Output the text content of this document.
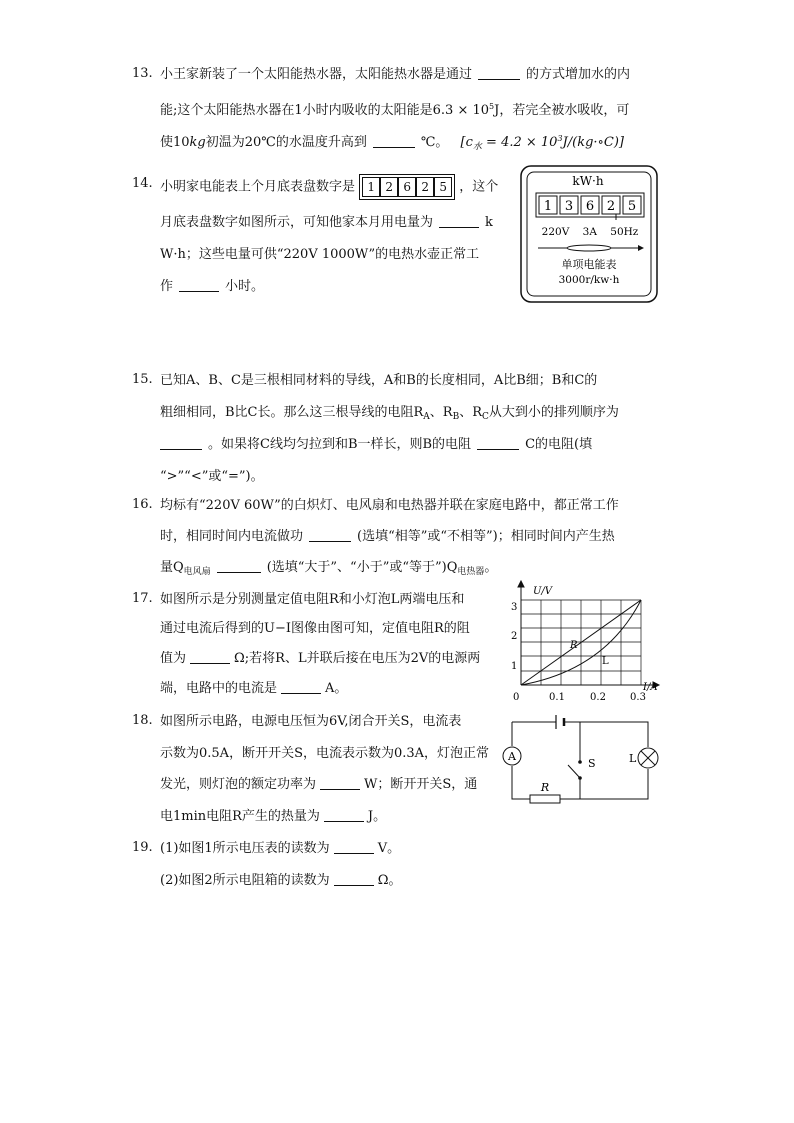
13. 小王家新装了一个太阳能热水器，太阳能热水器是通过	的方式增加水的内
能;这个太阳能热水器在1小时内吸收的太阳能是$6.3 \times 10^5J$，若完全被水吸收，可
使10kg初温为20℃的水温度升高到	℃。 [$c_水 = 4.2$ × $10^3J/(kg\cdot\circ C)$]
14. 小明家电能表上个月底表盘数字是	1 2 6 2 5 ，这个
月底表盘数字如图所示，可知他家本月用电量为	k
W·h；这些电量可供“220V 1000W”的电热水壶正常工
作	小时。
kW·h
1 3 6 2 5
220V    3A    50Hz
单项电能表
3000r/kw·h
15. 已知A、B、C是三根相同材料的导线，A和B的长度相同，A比B细；B和C的
粗细相同，B比C长。那么这三根导线的电阻$R_A$、$R_B$、$R_C$从大到小的排列顺序为
。如果将C线均匀拉到和B一样长，则B的电阻	C的电阻(填
“>”“<”或“=”)。
16. 均标有“220V 60W”的白炽灯、电风扇和电热器并联在家庭电路中，都正常工作
时，相同时间内电流做功	(选填“相等”或“不相等”)；相同时间内产生热
量$Q_{电风扇}$	(选填“大于”、“小于”或“等于$”)Q_{电热器}$。
17. 如图所示是分别测量定值电阻R和小灯泡L两端电压和
通过电流后得到的U−I图像由图可知，定值电阻R的阻
值为	Ω;若将R、L并联后接在电压为2V的电源两
端，电路中的电流是	A。
U/V
I/A
0	0.1	0.2 0.3
1
2
3
R
L
18. 如图所示电路，电源电压恒为6V,闭合开关S，电流表
示数为0.5A，断开开关S，电流表示数为0.3A，灯泡正常
发光，则灯泡的额定功率为	W；断开开关S，通
电1min电阻R产生的热量为	J。
A
S	L
R
19. (1)如图1所示电压表的读数为	V。
(2)如图2所示电阻箱的读数为	Ω。
